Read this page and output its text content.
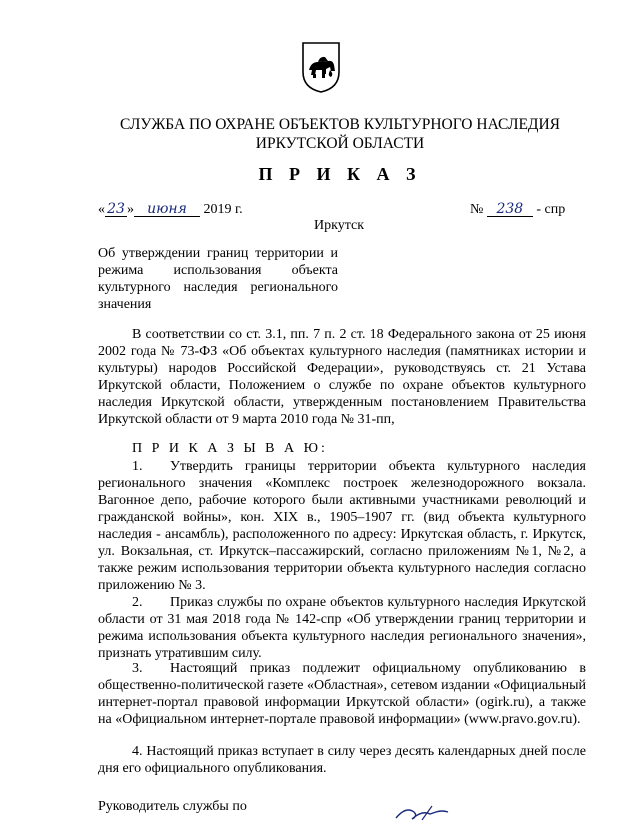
СЛУЖБА ПО ОХРАНЕ ОБЪЕКТОВ КУЛЬТУРНОГО НАСЛЕДИЯ
ИРКУТСКОЙ ОБЛАСТИ
П Р И К А З
« 23 » июня 2019 г.	№ 238 - спр
Иркутск
Об утверждении границ территории и режима использования объекта культурного наследия регионального значения
В соответствии со ст. 3.1, пп. 7 п. 2 ст. 18 Федерального закона от 25 июня 2002 года № 73-ФЗ «Об объектах культурного наследия (памятниках истории и культуры) народов Российской Федерации», руководствуясь ст. 21 Устава Иркутской области, Положением о службе по охране объектов культурного наследия Иркутской области, утвержденным постановлением Правительства Иркутской области от 9 марта 2010 года № 31-пп,
П Р И К А З Ы В А Ю:
1. Утвердить границы территории объекта культурного наследия регионального значения «Комплекс построек железнодорожного вокзала. Вагонное депо, рабочие которого были активными участниками революций и гражданской войны», кон. XIX в., 1905–1907 гг. (вид объекта культурного наследия - ансамбль), расположенного по адресу: Иркутская область, г. Иркутск, ул. Вокзальная, ст. Иркутск–пассажирский, согласно приложениям №1, №2, а также режим использования территории объекта культурного наследия согласно приложению № 3.
2. Приказ службы по охране объектов культурного наследия Иркутской области от 31 мая 2018 года № 142-спр «Об утверждении границ территории и режима использования объекта культурного наследия регионального значения», признать утратившим силу.
3. Настоящий приказ подлежит официальному опубликованию в общественно-политической газете «Областная», сетевом издании «Официальный интернет-портал правовой информации Иркутской области» (ogirk.ru), а также на «Официальном интернет-портале правовой информации» (www.pravo.gov.ru).
4. Настоящий приказ вступает в силу через десять календарных дней после дня его официального опубликования.
Руководитель службы по
